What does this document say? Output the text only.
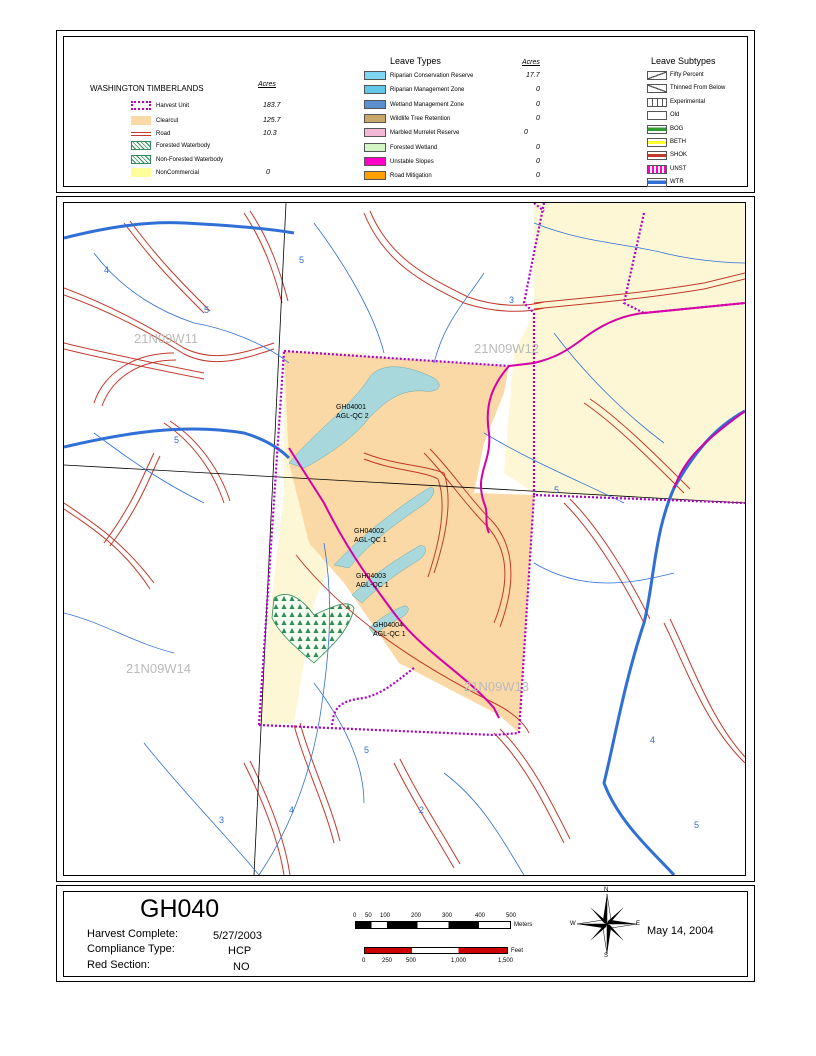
WASHINGTON TIMBERLANDS	Acres
Harvest Unit	183.7
Clearcut	125.7
Road	10.3
Forested Waterbody
Non-Forested Waterbody
NonCommercial	0
Leave Types	Acres
Riparian Conservation Reserve	17.7
Riparian Management Zone	0
Wetland Management Zone	0
Wildlife Tree Retention	0
Marbled Murrelet Reserve	0
Forested Wetland	0
Unstable Slopes	0
Road Mitigation	0
Leave Subtypes
Fifty Percent
Thinned From Below
Experimental
Old
BOG
BETH
SHOK
UNST
WTR
21N09W11
21N09W12
21N09W14
21N09W13
GH04001
AGL-QC 2
GH04002
AGL-QC 1
GH04003
AGL-QC 1
GH04004
AGL-QC 1
5
5
5
5
5
5
4
4
4
3
3
2
GH040
Harvest Complete:	5/27/2003
Compliance Type:	HCP
Red Section:	NO
0 50 100	200	300	400	500
Meters
Feet
0	250 500	1,000	1,500
N
S
E
W
May 14, 2004
